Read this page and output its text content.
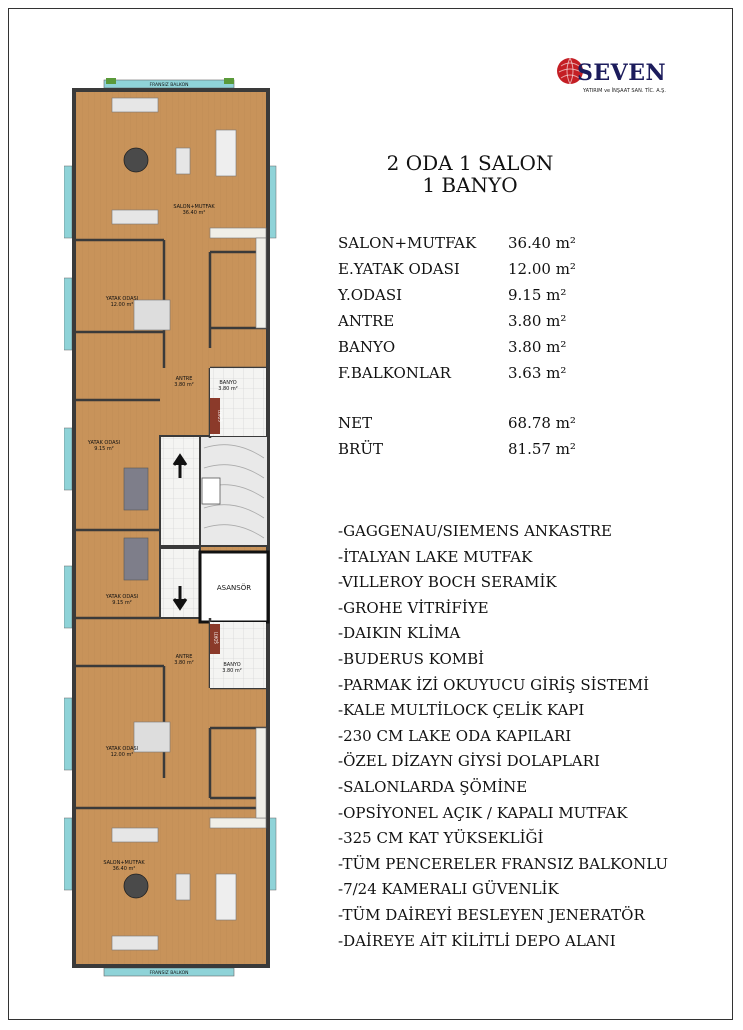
SEVEN
YATIRIM ve İNŞAAT SAN. TİC. A.Ş.
2 ODA 1 SALON
1 BANYO
SALON+MUTFAK 36.40 m²
E.YATAK ODASI	12.00 m²
Y.ODASI	9.15 m²
ANTRE	3.80 m²
BANYO	3.80 m²
F.BALKONLAR	3.63 m²
NET	68.78 m²
BRÜT	81.57 m²
-GAGGENAU/SIEMENS ANKASTRE
-İTALYAN LAKE MUTFAK
-VILLEROY BOCH SERAMİK
-GROHE VİTRİFİYE
-DAIKIN KLİMA
-BUDERUS KOMBİ
-PARMAK İZİ OKUYUCU GİRİŞ SİSTEMİ
-KALE MULTİLOCK ÇELİK KAPI
-230 CM LAKE ODA KAPILARI
-ÖZEL DİZAYN GİYSİ DOLAPLARI
-SALONLARDA ŞÖMİNE
-OPSİYONEL AÇIK / KAPALI MUTFAK
-325 CM KAT YÜKSEKLİĞİ
-TÜM PENCERELER FRANSIZ BALKONLU
-7/24 KAMERALI GÜVENLİK
-TÜM DAİREYİ BESLEYEN JENERATÖR
-DAİREYE AİT KİLİTLİ DEPO ALANI
FRANSIZ BALKON
FRANSIZ BALKON
ASANSÖR
ŞÖRTİ
ŞÖRTİ
SALON+MUTFAK
36.40 m²
YATAK ODASI
12.00 m²
ANTRE
3.80 m²	BANYO
3.80 m²
YATAK ODASI
9.15 m²
YATAK ODASI
9.15 m²
ANTRE
3.80 m²	BANYO
3.80 m²
YATAK ODASI
12.00 m²
SALON+MUTFAK
36.40 m²
